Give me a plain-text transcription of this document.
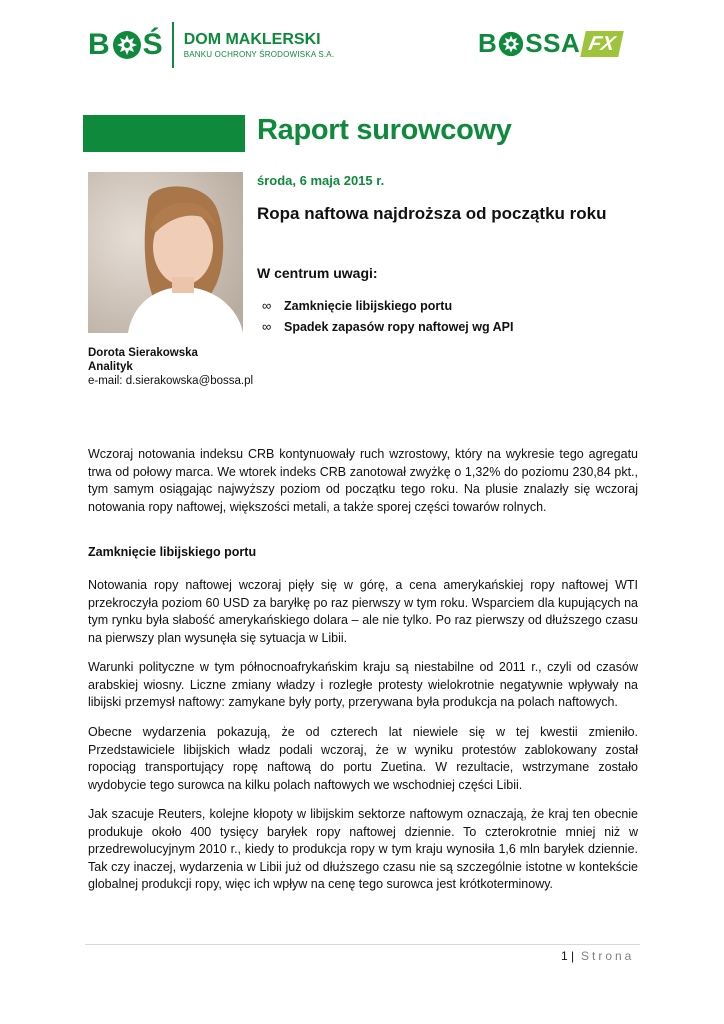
B Ś DOM MAKLERSKI
BANKU OCHRONY ŚRODOWISKA S.A.	B SSA FX
Raport surowcowy
środa, 6 maja 2015 r.
Ropa naftowa najdroższa od początku roku
W centrum uwagi:
∞	Zamknięcie libijskiego portu
∞	Spadek zapasów ropy naftowej wg API
Dorota Sierakowska
Analityk
e-mail: d.sierakowska@bossa.pl

Wczoraj notowania indeksu CRB kontynuowały ruch wzrostowy, który na wykresie tego agregatu trwa od połowy marca. We wtorek indeks CRB zanotował zwyżkę o 1,32% do poziomu 230,84 pkt., tym samym osiągając najwyższy poziom od początku tego roku. Na plusie znalazły się wczoraj notowania ropy naftowej, większości metali, a także sporej części towarów rolnych.

Zamknięcie libijskiego portu

Notowania ropy naftowej wczoraj pięły się w górę, a cena amerykańskiej ropy naftowej WTI przekroczyła poziom 60 USD za baryłkę po raz pierwszy w tym roku. Wsparciem dla kupujących na tym rynku była słabość amerykańskiego dolara – ale nie tylko. Po raz pierwszy od dłuższego czasu na pierwszy plan wysunęła się sytuacja w Libii.

Warunki polityczne w tym północnoafrykańskim kraju są niestabilne od 2011 r., czyli od czasów arabskiej wiosny. Liczne zmiany władzy i rozległe protesty wielokrotnie negatywnie wpływały na libijski przemysł naftowy: zamykane były porty, przerywana była produkcja na polach naftowych.

Obecne wydarzenia pokazują, że od czterech lat niewiele się w tej kwestii zmieniło. Przedstawiciele libijskich władz podali wczoraj, że w wyniku protestów zablokowany został ropociąg transportujący ropę naftową do portu Zuetina. W rezultacie, wstrzymane zostało wydobycie tego surowca na kilku polach naftowych we wschodniej części Libii.

Jak szacuje Reuters, kolejne kłopoty w libijskim sektorze naftowym oznaczają, że kraj ten obecnie produkuje około 400 tysięcy baryłek ropy naftowej dziennie. To czterokrotnie mniej niż w przedrewolucyjnym 2010 r., kiedy to produkcja ropy w tym kraju wynosiła 1,6 mln baryłek dziennie. Tak czy inaczej, wydarzenia w Libii już od dłuższego czasu nie są szczególnie istotne w kontekście globalnej produkcji ropy, więc ich wpływ na cenę tego surowca jest krótkoterminowy.

1 | Strona
